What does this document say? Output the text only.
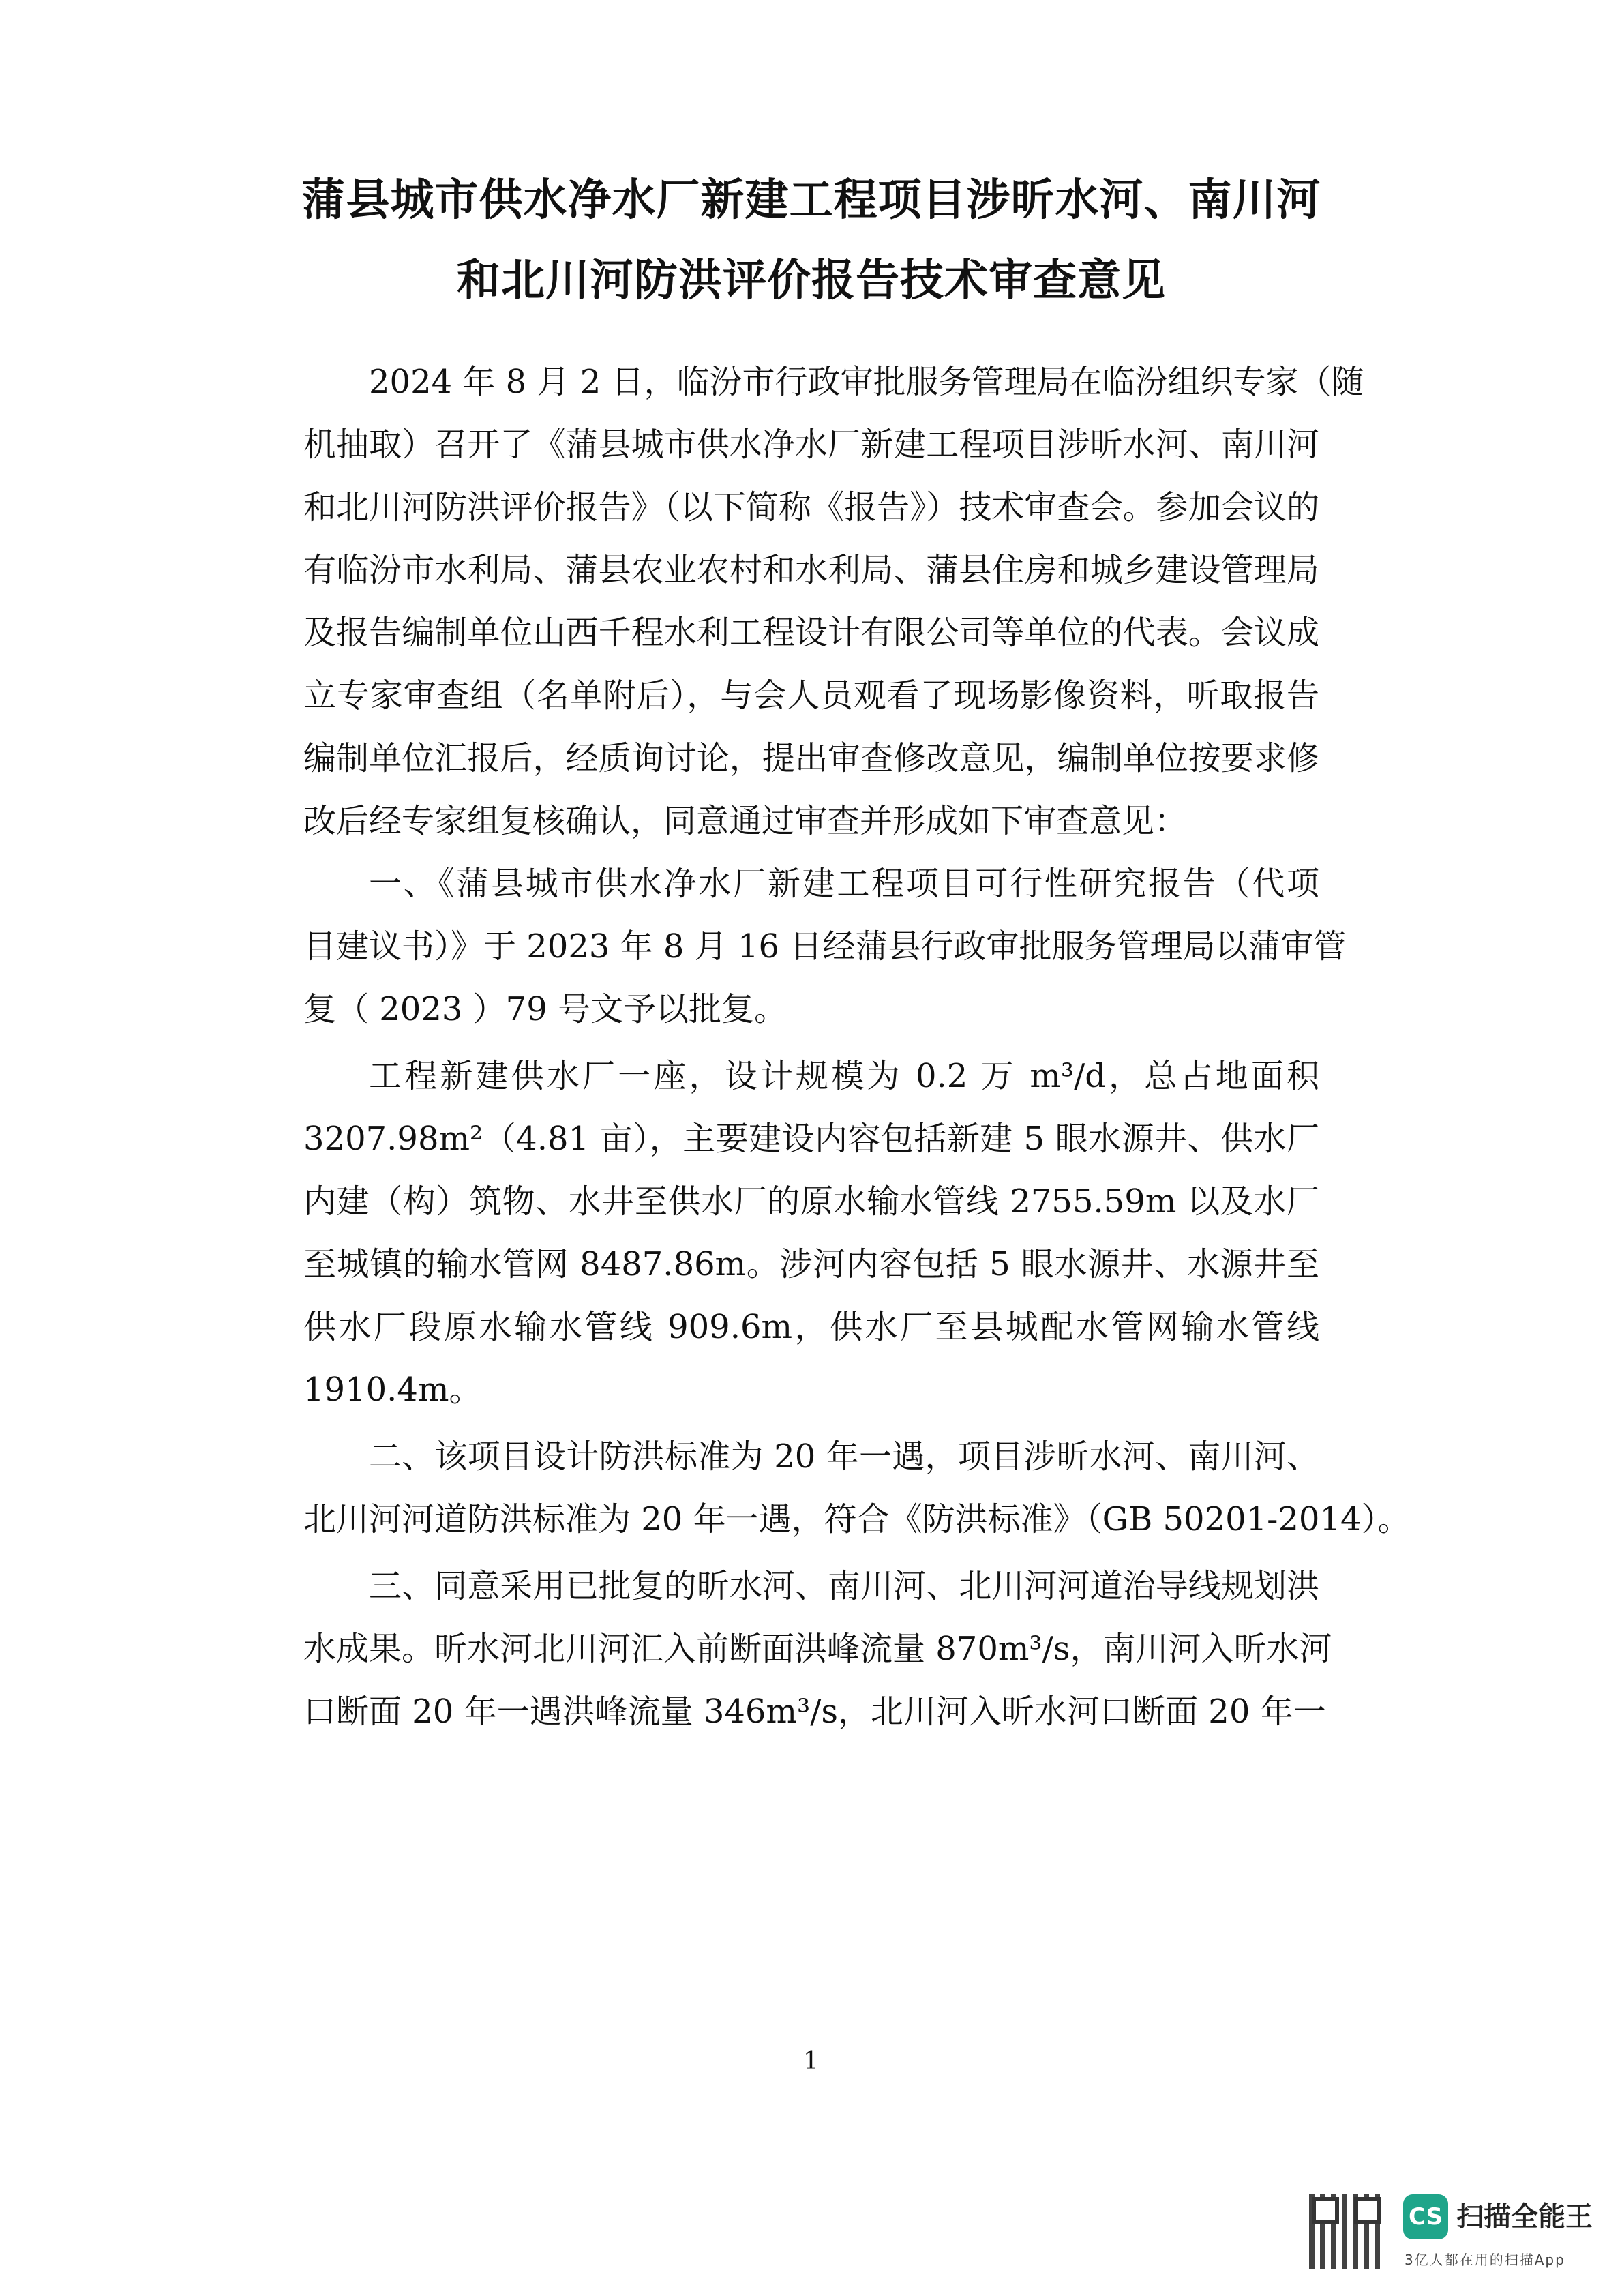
蒲县城市供水净水厂新建工程项目涉昕水河、南川河
和北川河防洪评价报告技术审查意见
2024 年 8 月 2 日，临汾市行政审批服务管理局在临汾组织专家（随
机抽取）召开了《蒲县城市供水净水厂新建工程项目涉昕水河、南川河
和北川河防洪评价报告》（以下简称《报告》）技术审查会。参加会议的
有临汾市水利局、蒲县农业农村和水利局、蒲县住房和城乡建设管理局
及报告编制单位山西千程水利工程设计有限公司等单位的代表。会议成
立专家审查组（名单附后），与会人员观看了现场影像资料，听取报告
编制单位汇报后，经质询讨论，提出审查修改意见，编制单位按要求修
改后经专家组复核确认，同意通过审查并形成如下审查意见：
一、《蒲县城市供水净水厂新建工程项目可行性研究报告（代项
目建议书）》于 2023 年 8 月 16 日经蒲县行政审批服务管理局以蒲审管
复（ 2023 ）79 号文予以批复。
工程新建供水厂一座，设计规模为 0.2 万 m³/d，总占地面积
3207.98m²（4.81 亩），主要建设内容包括新建 5 眼水源井、供水厂
内建（构）筑物、水井至供水厂的原水输水管线 2755.59m 以及水厂
至城镇的输水管网 8487.86m。涉河内容包括 5 眼水源井、水源井至
供水厂段原水输水管线 909.6m，供水厂至县城配水管网输水管线
1910.4m。
二、该项目设计防洪标准为 20 年一遇，项目涉昕水河、南川河、
北川河河道防洪标准为 20 年一遇，符合《防洪标准》（GB 50201-2014）。
三、同意采用已批复的昕水河、南川河、北川河河道治导线规划洪
水成果。昕水河北川河汇入前断面洪峰流量 870m³/s，南川河入昕水河
口断面 20 年一遇洪峰流量 346m³/s，北川河入昕水河口断面 20 年一
1
CS 扫描全能王
3亿人都在用的扫描App
